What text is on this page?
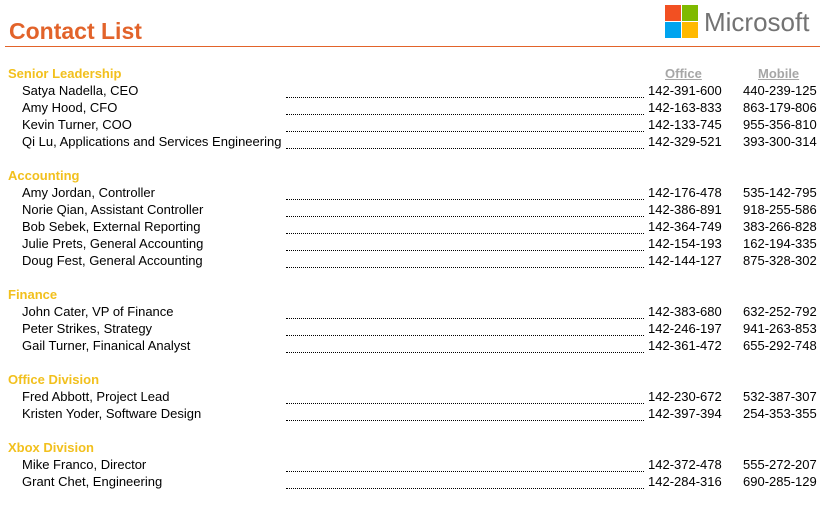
Contact List	Microsoft
Office	Mobile
Senior Leadership
Satya Nadella, CEO	142-391-600 440-239-125
Amy Hood, CFO	142-163-833 863-179-806
Kevin Turner, COO	142-133-745 955-356-810
Qi Lu, Applications and Services Engineering	142-329-521 393-300-314
Accounting
Amy Jordan, Controller	142-176-478 535-142-795
Norie Qian, Assistant Controller	142-386-891 918-255-586
Bob Sebek, External Reporting	142-364-749 383-266-828
Julie Prets, General Accounting	142-154-193 162-194-335
Doug Fest, General Accounting	142-144-127 875-328-302
Finance
John Cater, VP of Finance	142-383-680 632-252-792
Peter Strikes, Strategy	142-246-197 941-263-853
Gail Turner, Finanical Analyst	142-361-472 655-292-748
Office Division
Fred Abbott, Project Lead	142-230-672 532-387-307
Kristen Yoder, Software Design	142-397-394 254-353-355
Xbox Division
Mike Franco, Director	142-372-478 555-272-207
Grant Chet, Engineering	142-284-316 690-285-129
